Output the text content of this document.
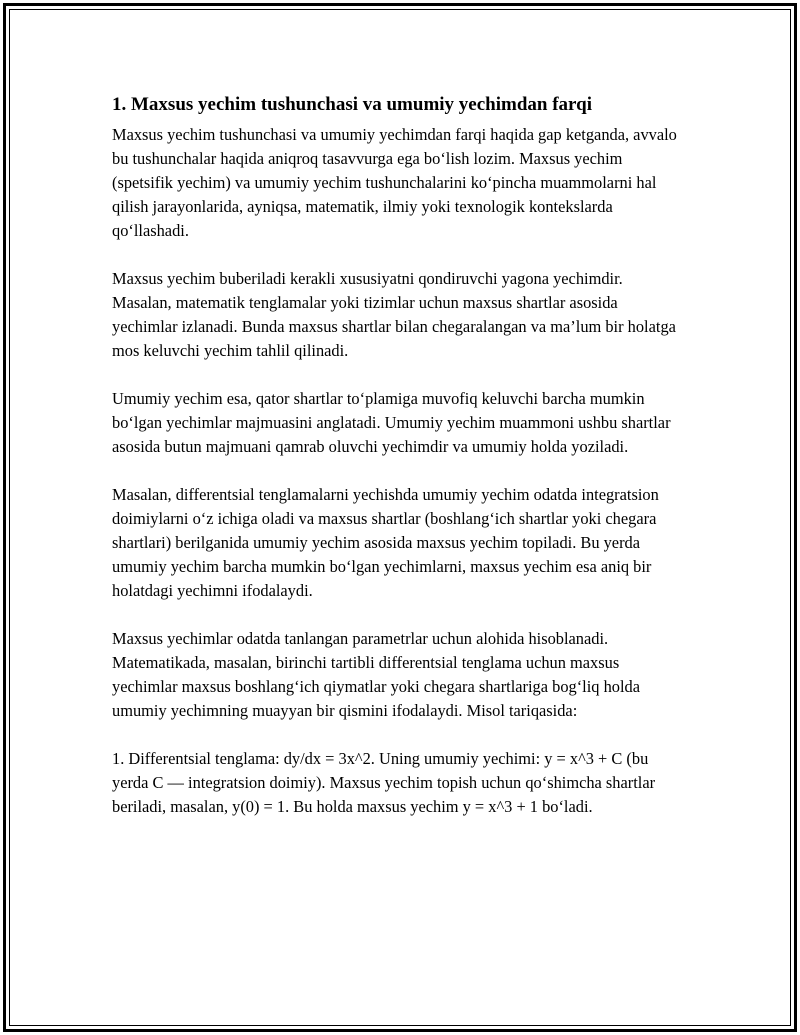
1. Maxsus yechim tushunchasi va umumiy yechimdan farqi

Maxsus yechim tushunchasi va umumiy yechimdan farqi haqida gap ketganda, avvalo bu tushunchalar haqida aniqroq tasavvurga ega bo‘lish lozim. Maxsus yechim (spetsifik yechim) va umumiy yechim tushunchalarini ko‘pincha muammolarni hal qilish jarayonlarida, ayniqsa, matematik, ilmiy yoki texnologik kontekslarda qo‘llashadi.

Maxsus yechim buberiladi kerakli xususiyatni qondiruvchi yagona yechimdir. Masalan, matematik tenglamalar yoki tizimlar uchun maxsus shartlar asosida yechimlar izlanadi. Bunda maxsus shartlar bilan chegaralangan va ma’lum bir holatga mos keluvchi yechim tahlil qilinadi.

Umumiy yechim esa, qator shartlar to‘plamiga muvofiq keluvchi barcha mumkin bo‘lgan yechimlar majmuasini anglatadi. Umumiy yechim muammoni ushbu shartlar asosida butun majmuani qamrab oluvchi yechimdir va umumiy holda yoziladi.

Masalan, differentsial tenglamalarni yechishda umumiy yechim odatda integratsion doimiylarni o‘z ichiga oladi va maxsus shartlar (boshlang‘ich shartlar yoki chegara shartlari) berilganida umumiy yechim asosida maxsus yechim topiladi. Bu yerda umumiy yechim barcha mumkin bo‘lgan yechimlarni, maxsus yechim esa aniq bir holatdagi yechimni ifodalaydi.

Maxsus yechimlar odatda tanlangan parametrlar uchun alohida hisoblanadi. Matematikada, masalan, birinchi tartibli differentsial tenglama uchun maxsus yechimlar maxsus boshlang‘ich qiymatlar yoki chegara shartlariga bog‘liq holda umumiy yechimning muayyan bir qismini ifodalaydi. Misol tariqasida:

1. Differentsial tenglama: dy/dx = 3x^2. Uning umumiy yechimi: y = x^3 + C (bu yerda C — integratsion doimiy). Maxsus yechim topish uchun qo‘shimcha shartlar beriladi, masalan, y(0) = 1. Bu holda maxsus yechim y = x^3 + 1 bo‘ladi.
